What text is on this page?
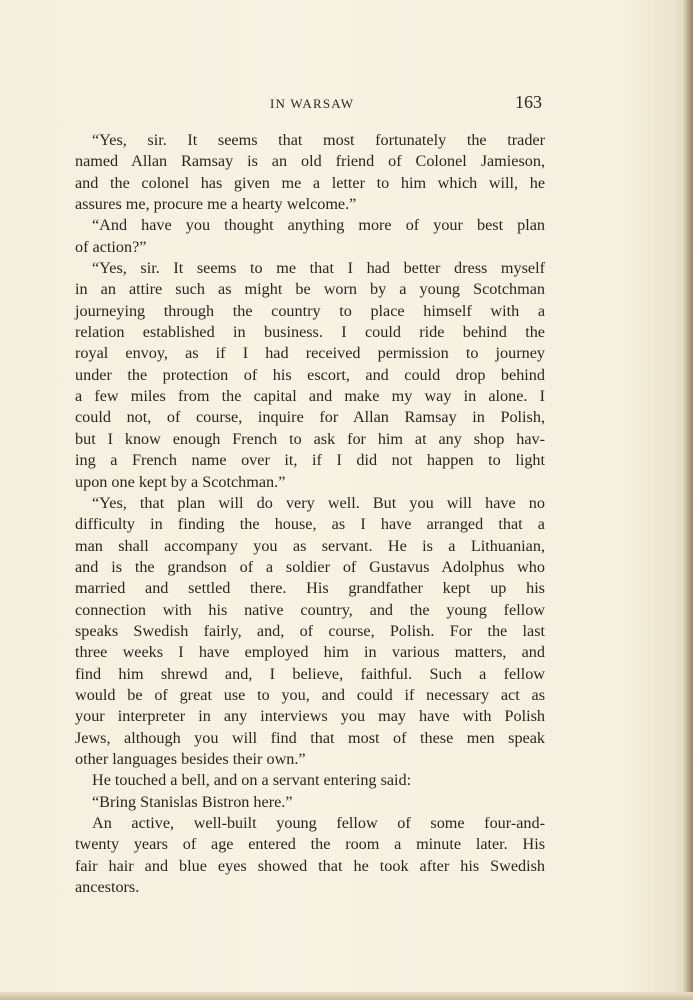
IN WARSAW	163
“Yes, sir. It seems that most fortunately the trader
named Allan Ramsay is an old friend of Colonel Jamieson,
and the colonel has given me a letter to him which will, he
assures me, procure me a hearty welcome.”
“And have you thought anything more of your best plan
of action?”
“Yes, sir. It seems to me that I had better dress myself
in an attire such as might be worn by a young Scotchman
journeying through the country to place himself with a
relation established in business. I could ride behind the
royal envoy, as if I had received permission to journey
under the protection of his escort, and could drop behind
a few miles from the capital and make my way in alone. I
could not, of course, inquire for Allan Ramsay in Polish,
but I know enough French to ask for him at any shop hav-
ing a French name over it, if I did not happen to light
upon one kept by a Scotchman.”
“Yes, that plan will do very well. But you will have no
difficulty in finding the house, as I have arranged that a
man shall accompany you as servant. He is a Lithuanian,
and is the grandson of a soldier of Gustavus Adolphus who
married and settled there. His grandfather kept up his
connection with his native country, and the young fellow
speaks Swedish fairly, and, of course, Polish. For the last
three weeks I have employed him in various matters, and
find him shrewd and, I believe, faithful. Such a fellow
would be of great use to you, and could if necessary act as
your interpreter in any interviews you may have with Polish
Jews, although you will find that most of these men speak
other languages besides their own.”
He touched a bell, and on a servant entering said:
“Bring Stanislas Bistron here.”
An active, well-built young fellow of some four-and-
twenty years of age entered the room a minute later. His
fair hair and blue eyes showed that he took after his Swedish
ancestors.
